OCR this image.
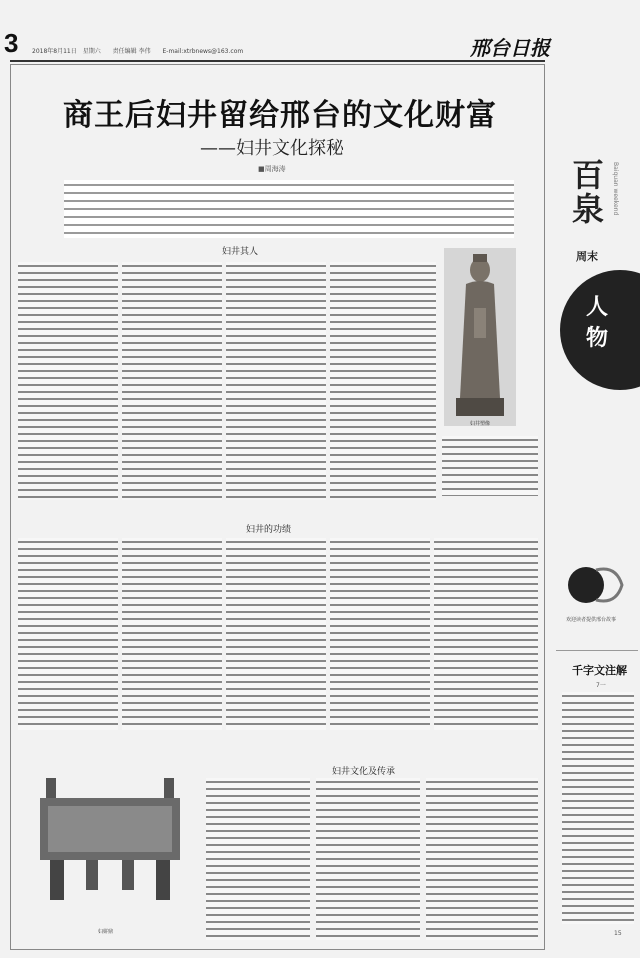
3 2018年8月11日　星期六 责任编辑 李伟 E-mail:xtrbnews@163.com	邢台日报
商王后妇井留给邢台的文化财富
——妇井文化探秘
■周海涛
妇井其人
妇井塑像
妇井的功绩
妇井文化及传承
妇姘鼎
百泉	Baiquan weekend
周末
人
物
欢迎读者提供邢台故事
千字文注解
7一
15
